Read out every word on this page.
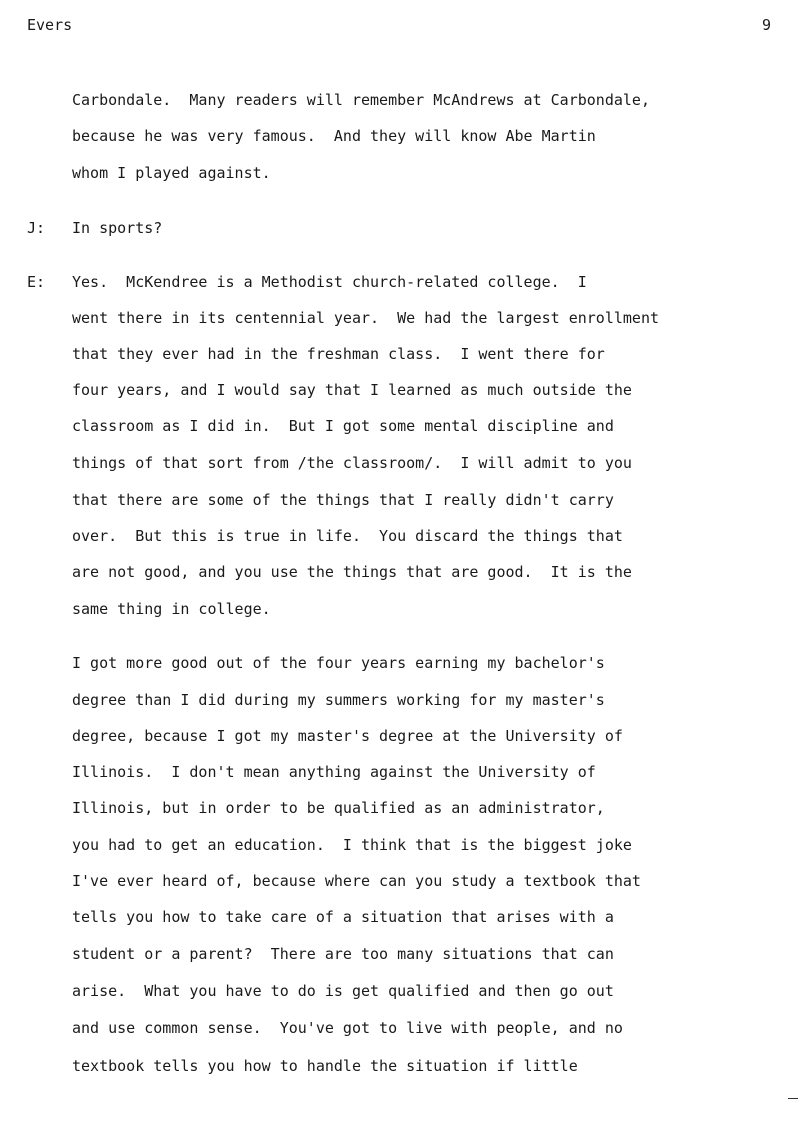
Evers	9
Carbondale.  Many readers will remember McAndrews at Carbondale,
because he was very famous.  And they will know Abe Martin
whom I played against.
J: In sports?
E: Yes.  McKendree is a Methodist church-related college.  I
went there in its centennial year.  We had the largest enrollment
that they ever had in the freshman class.  I went there for
four years, and I would say that I learned as much outside the
classroom as I did in.  But I got some mental discipline and
things of that sort from /the classroom/.  I will admit to you
that there are some of the things that I really didn't carry
over.  But this is true in life.  You discard the things that
are not good, and you use the things that are good.  It is the
same thing in college.
I got more good out of the four years earning my bachelor's
degree than I did during my summers working for my master's
degree, because I got my master's degree at the University of
Illinois.  I don't mean anything against the University of
Illinois, but in order to be qualified as an administrator,
you had to get an education.  I think that is the biggest joke
I've ever heard of, because where can you study a textbook that
tells you how to take care of a situation that arises with a
student or a parent?  There are too many situations that can
arise.  What you have to do is get qualified and then go out
and use common sense.  You've got to live with people, and no
textbook tells you how to handle the situation if little
